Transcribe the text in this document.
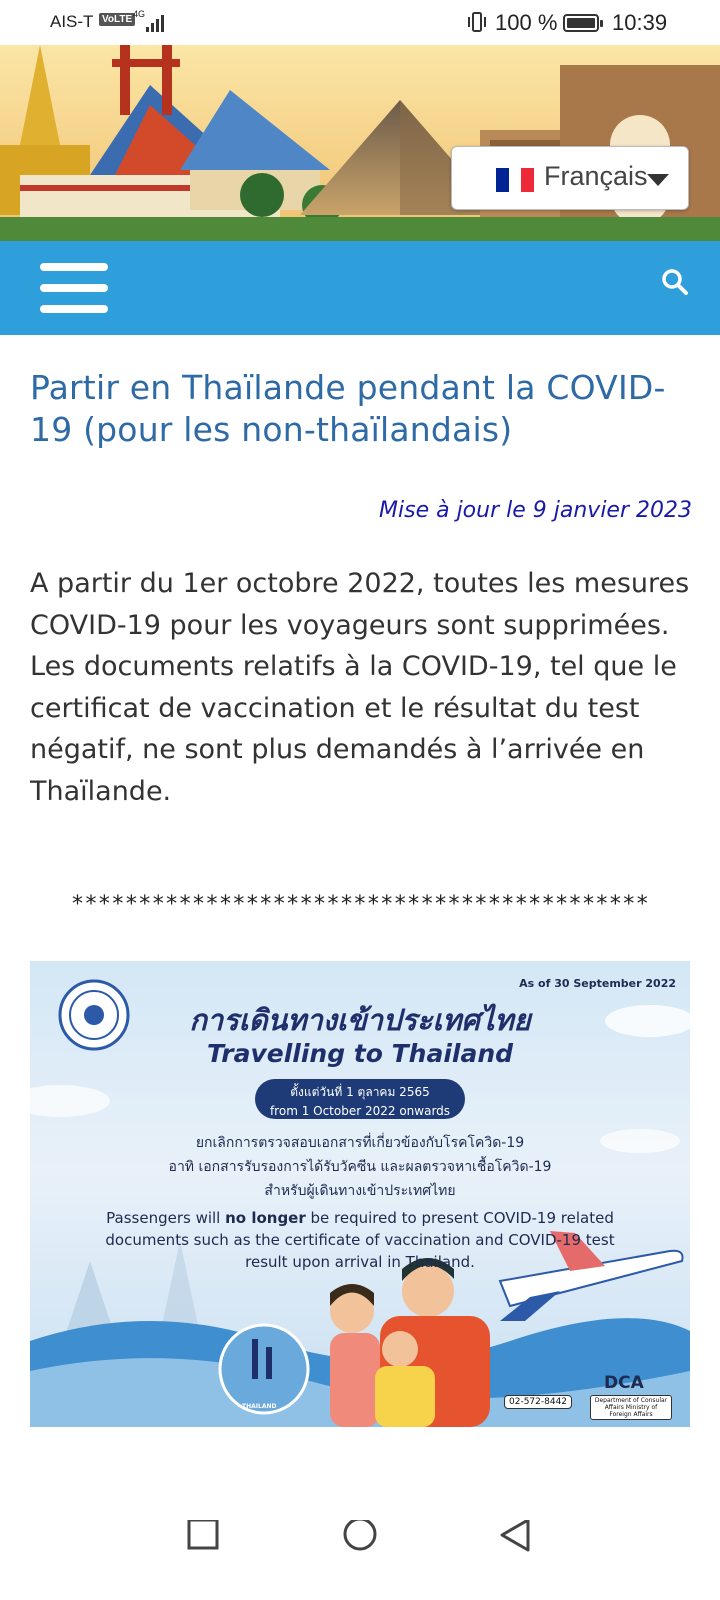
AIS-T VoLTE 4G	100 % 10:39
Français
Partir en Thaïlande pendant la COVID-19 (pour les non-thaïlandais)
Mise à jour le 9 janvier 2023
A partir du 1er octobre 2022, toutes les mesures COVID-19 pour les voyageurs sont supprimées. Les documents relatifs à la COVID-19, tel que le certificat de vaccination et le résultat du test négatif, ne sont plus demandés à l’arrivée en Thaïlande.
*******************************************
As of 30 September 2022
การเดินทางเข้าประเทศไทย
Travelling to Thailand
ตั้งแต่วันที่ 1 ตุลาคม 2565
from 1 October 2022 onwards
ยกเลิกการตรวจสอบเอกสารที่เกี่ยวข้องกับโรคโควิด-19
อาทิ เอกสารรับรองการได้รับวัคซีน และผลตรวจหาเชื้อโควิด-19
สำหรับผู้เดินทางเข้าประเทศไทย
Passengers will no longer be required to present COVID-19 related documents such as the certificate of vaccination and COVID-19 test result upon arrival in Thailand.
THAILAND	02-572-8442
DCA
Department of Consular Affairs Ministry of Foreign Affairs
